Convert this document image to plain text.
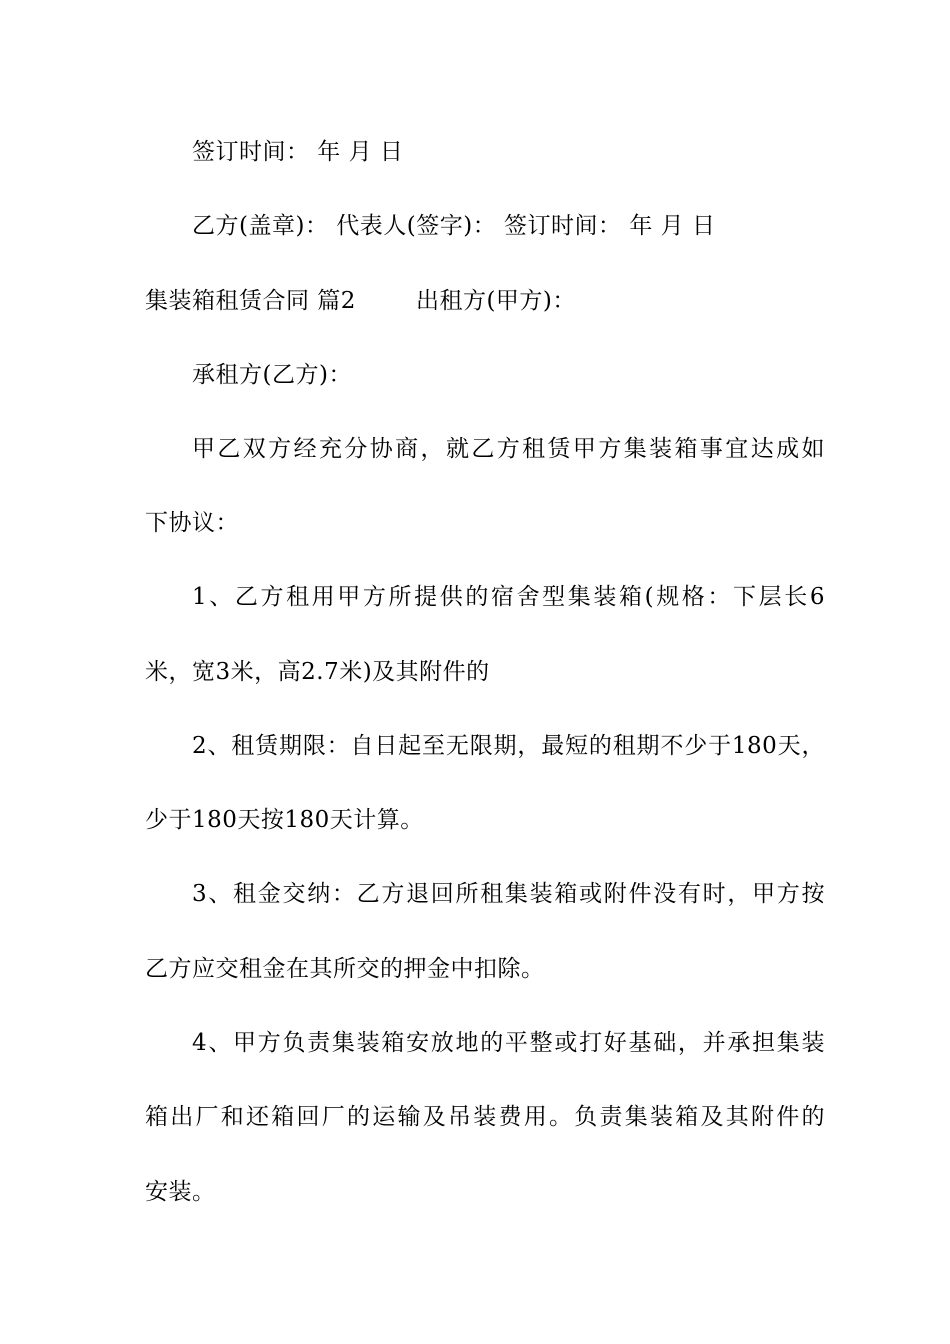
签订时间： 年 月 日
乙方(盖章)： 代表人(签字)： 签订时间： 年 月 日
集装箱租赁合同 篇2	出租方(甲方)：
承租方(乙方)：
甲乙双方经充分协商，就乙方租赁甲方集装箱事宜达成如
下协议：
1、乙方租用甲方所提供的宿舍型集装箱(规格：下层长6
米，宽3米，高2.7米)及其附件的
2、租赁期限：自日起至无限期，最短的租期不少于180天，
少于180天按180天计算。
3、租金交纳：乙方退回所租集装箱或附件没有时，甲方按
乙方应交租金在其所交的押金中扣除。
4、甲方负责集装箱安放地的平整或打好基础，并承担集装
箱出厂和还箱回厂的运输及吊装费用。负责集装箱及其附件的
安装。
